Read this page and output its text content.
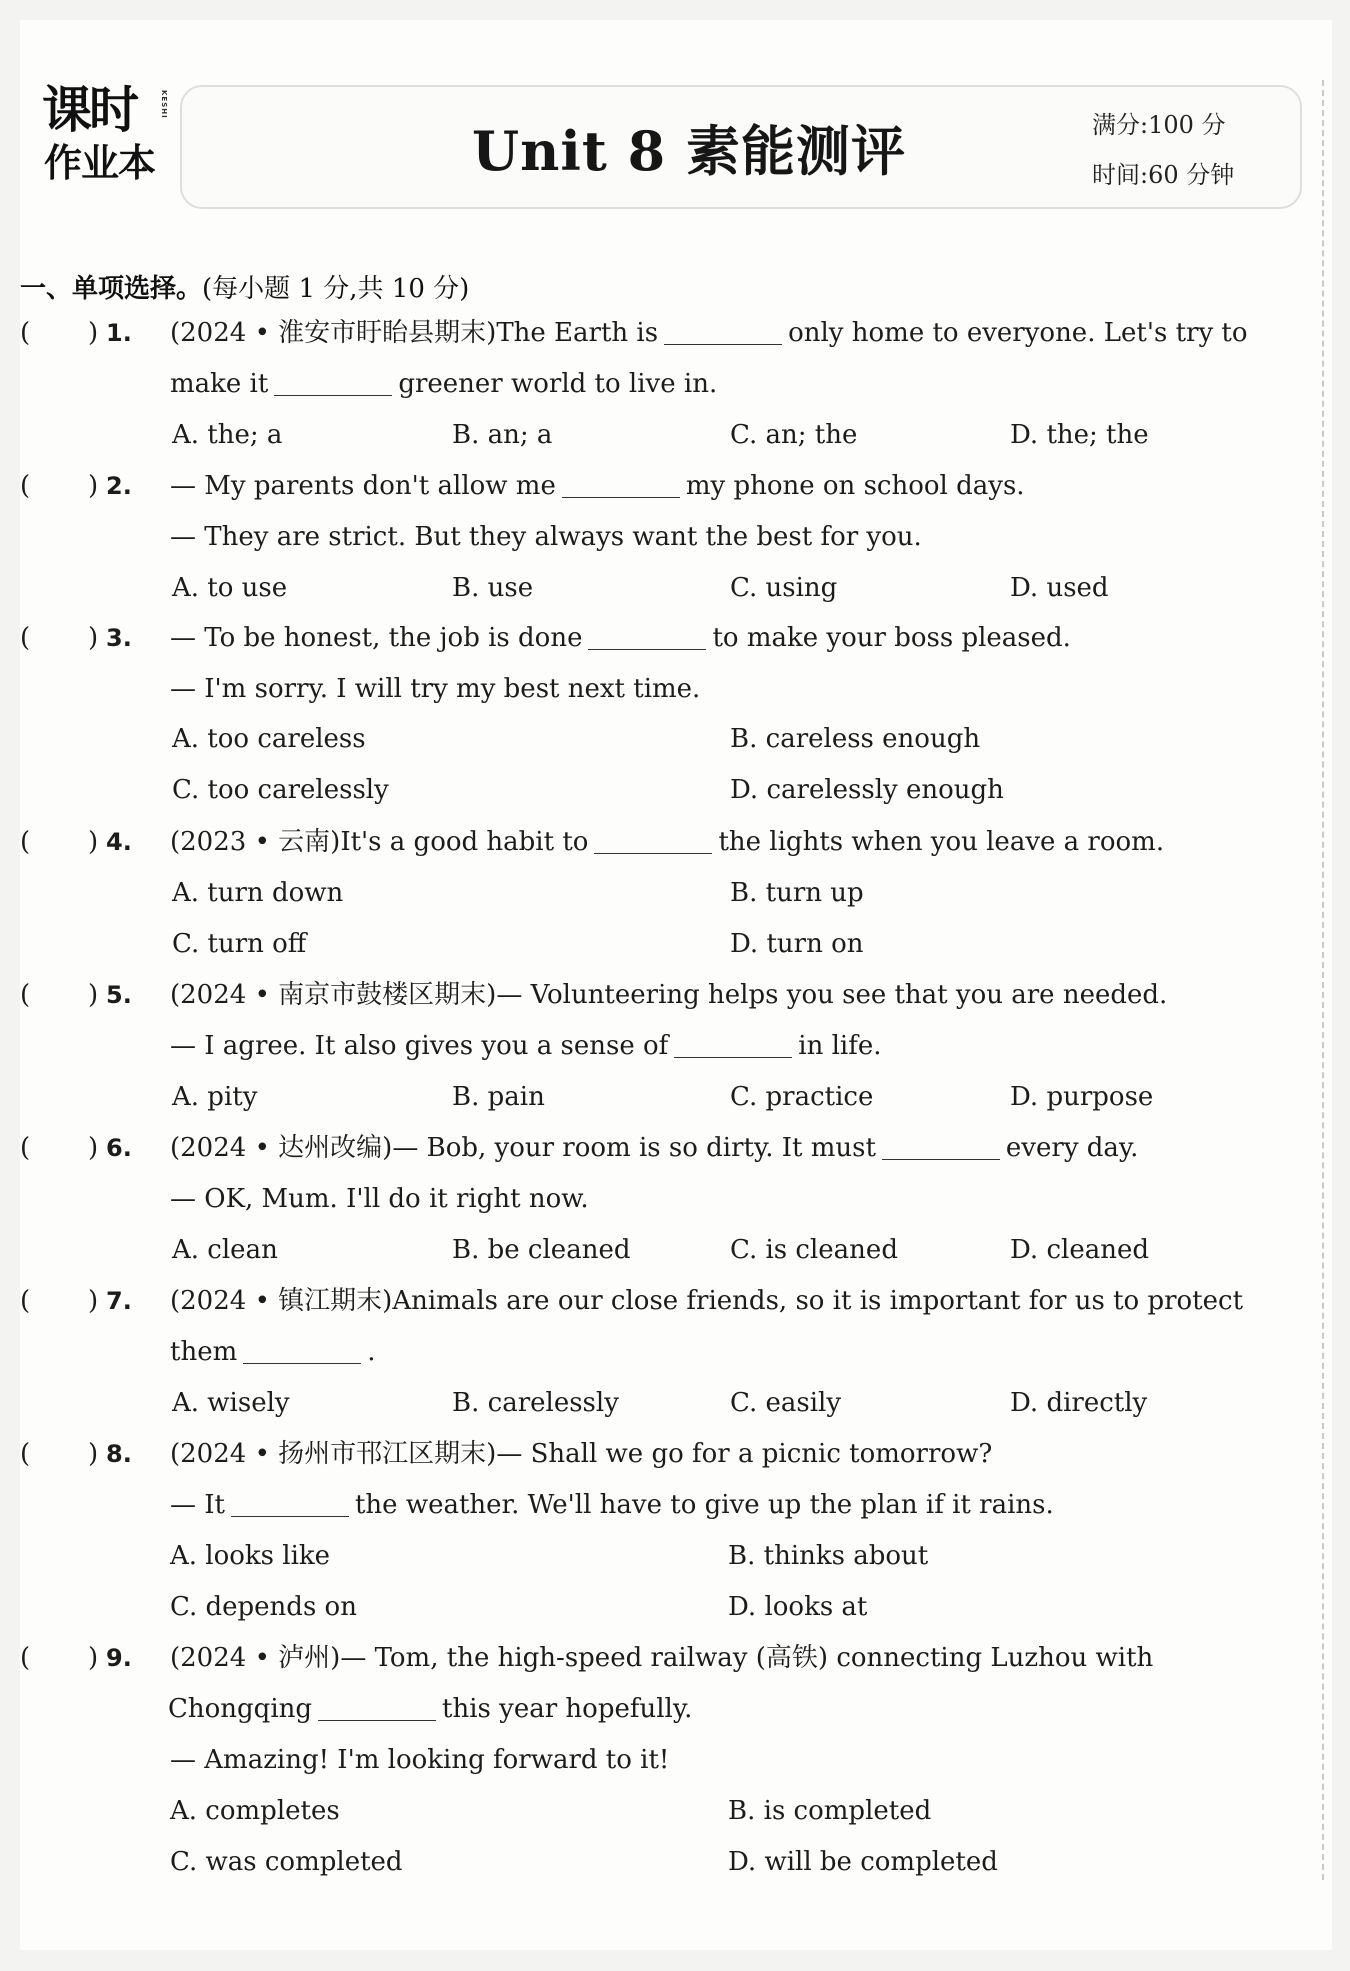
课时
作业本
KESHI
Unit 8 素能测评	满分:100 分
时间:60 分钟
一、单项选择。(每小题 1 分,共 10 分)
( ) 1. (2024 • 淮安市盱眙县期末)The Earth is	only home to everyone. Let's try to
make it	greener world to live in.
A. the; a	B. an; a	C. an; the	D. the; the
( ) 2. — My parents don't allow me	my phone on school days.
— They are strict. But they always want the best for you.
A. to use	B. use	C. using	D. used
( ) 3. — To be honest, the job is done	to make your boss pleased.
— I'm sorry. I will try my best next time.
A. too careless	B. careless enough
C. too carelessly	D. carelessly enough
( ) 4. (2023 • 云南)It's a good habit to	the lights when you leave a room.
A. turn down	B. turn up
C. turn off	D. turn on
( ) 5. (2024 • 南京市鼓楼区期末)— Volunteering helps you see that you are needed.
— I agree. It also gives you a sense of	in life.
A. pity	B. pain	C. practice	D. purpose
( ) 6. (2024 • 达州改编)— Bob, your room is so dirty. It must	every day.
— OK, Mum. I'll do it right now.
A. clean	B. be cleaned	C. is cleaned	D. cleaned
( ) 7. (2024 • 镇江期末)Animals are our close friends, so it is important for us to protect
them	.
A. wisely	B. carelessly	C. easily	D. directly
( ) 8. (2024 • 扬州市邗江区期末)— Shall we go for a picnic tomorrow?
— It	the weather. We'll have to give up the plan if it rains.
A. looks like	B. thinks about
C. depends on	D. looks at
( ) 9. (2024 • 泸州)— Tom, the high-speed railway (高铁) connecting Luzhou with
Chongqing	this year hopefully.
— Amazing! I'm looking forward to it!
A. completes	B. is completed
C. was completed	D. will be completed
